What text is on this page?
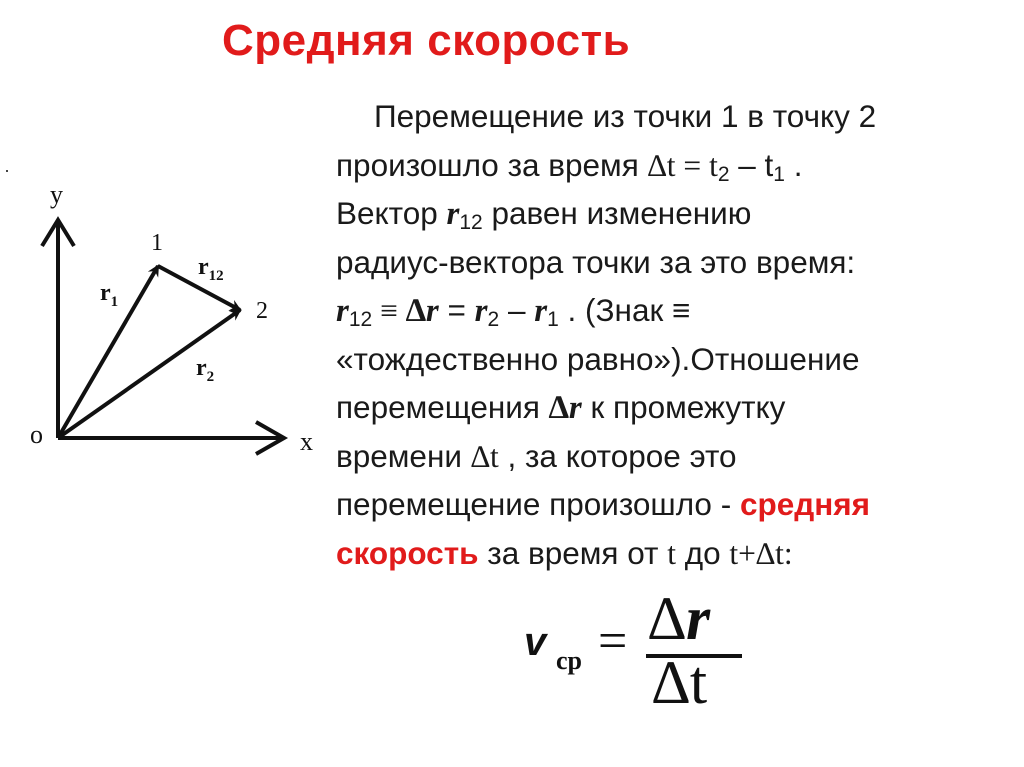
Средняя скорость
y
x
o
1
2
$r_1$
$r_{12}$
$r_2$
Перемещение из точки 1 в точку 2
произошло за время $\Delta t = t_2 - t_1$ .
Вектор $r_{12}$ равен изменению
радиус-вектора точки за это время:
$r_{12} \equiv \Delta r = r_2 - r_1$ . (Знак ≡
«тождественно равно»).Отношение
перемещения ∆r к промежутку
времени ∆t , за которое это
перемещение произошло - средняя
скорость за время от t до t+∆t:
v cp = ∆r
∆t
